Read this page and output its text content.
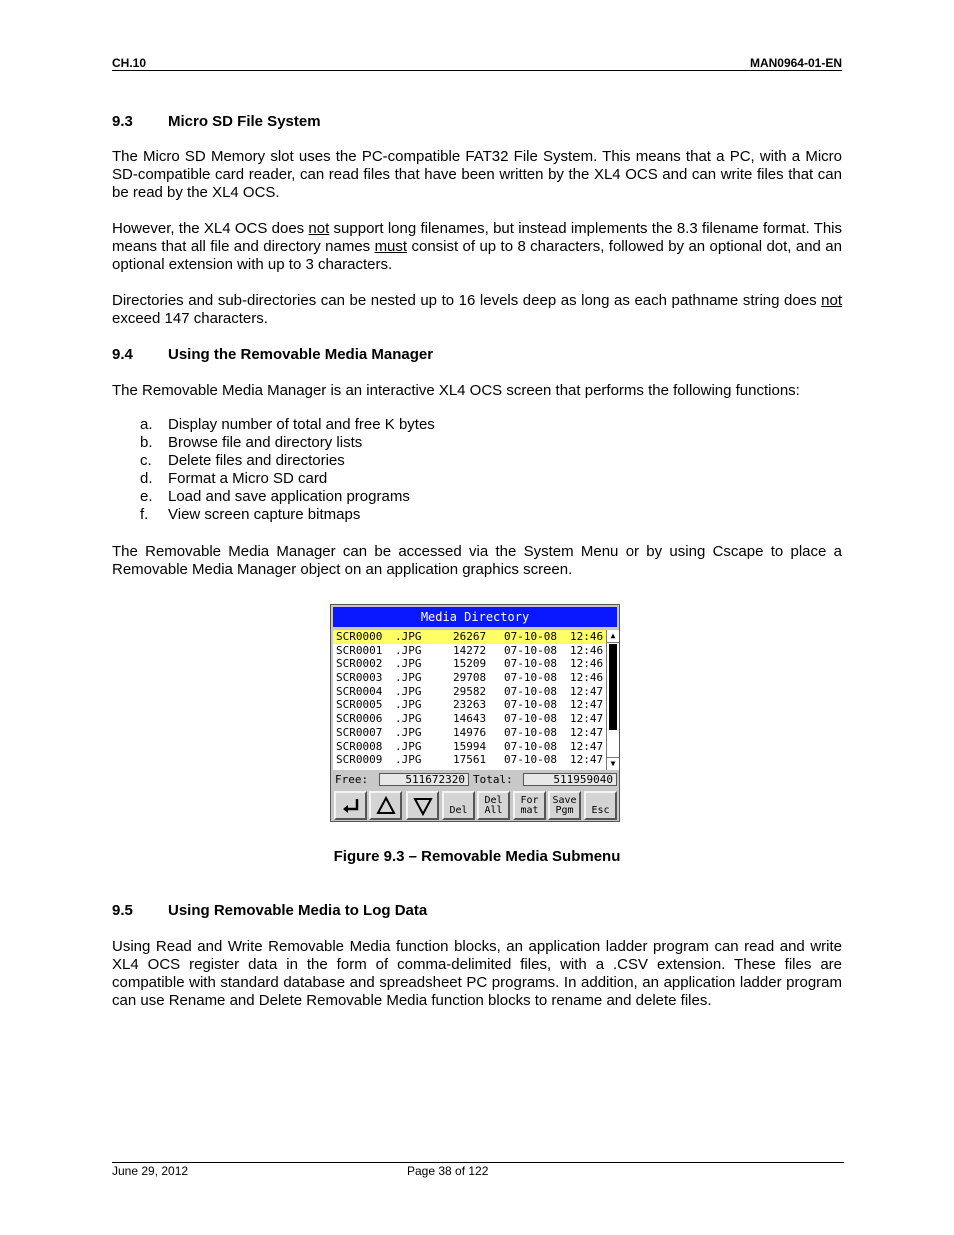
CH.10	MAN0964-01-EN
9.3 Micro SD File System
The Micro SD Memory slot uses the PC-compatible FAT32 File System. This means that a PC, with a Micro SD-compatible card reader, can read files that have been written by the XL4 OCS and can write files that can be read by the XL4 OCS.
However, the XL4 OCS does not support long filenames, but instead implements the 8.3 filename format. This means that all file and directory names must consist of up to 8 characters, followed by an optional dot, and an optional extension with up to 3 characters.
Directories and sub-directories can be nested up to 16 levels deep as long as each pathname string does not exceed 147 characters.
9.4 Using the Removable Media Manager
The Removable Media Manager is an interactive XL4 OCS screen that performs the following functions:
a. Display number of total and free K bytes
b. Browse file and directory lists
c. Delete files and directories
d. Format a Micro SD card
e. Load and save application programs
f. View screen capture bitmaps
The Removable Media Manager can be accessed via the System Menu or by using Cscape to place a Removable Media Manager object on an application graphics screen.
Media Directory
SCR0000 .JPG	26267 07-10-08 12:46
SCR0001 .JPG	14272 07-10-08 12:46
SCR0002 .JPG	15209 07-10-08 12:46
SCR0003 .JPG	29708 07-10-08 12:46
SCR0004 .JPG	29582 07-10-08 12:47
SCR0005 .JPG	23263 07-10-08 12:47
SCR0006 .JPG	14643 07-10-08 12:47
SCR0007 .JPG	14976 07-10-08 12:47
SCR0008 .JPG	15994 07-10-08 12:47
SCR0009 .JPG	17561 07-10-08 12:47
▲
▼
Free:	511672320 Total:	511959040
Del
Del
All
For
mat
Save
Pgm	Esc
Figure 9.3 – Removable Media Submenu
9.5 Using Removable Media to Log Data
Using Read and Write Removable Media function blocks, an application ladder program can read and write XL4 OCS register data in the form of comma-delimited files, with a .CSV extension. These files are compatible with standard database and spreadsheet PC programs. In addition, an application ladder program can use Rename and Delete Removable Media function blocks to rename and delete files.
June 29, 2012	Page 38 of 122
